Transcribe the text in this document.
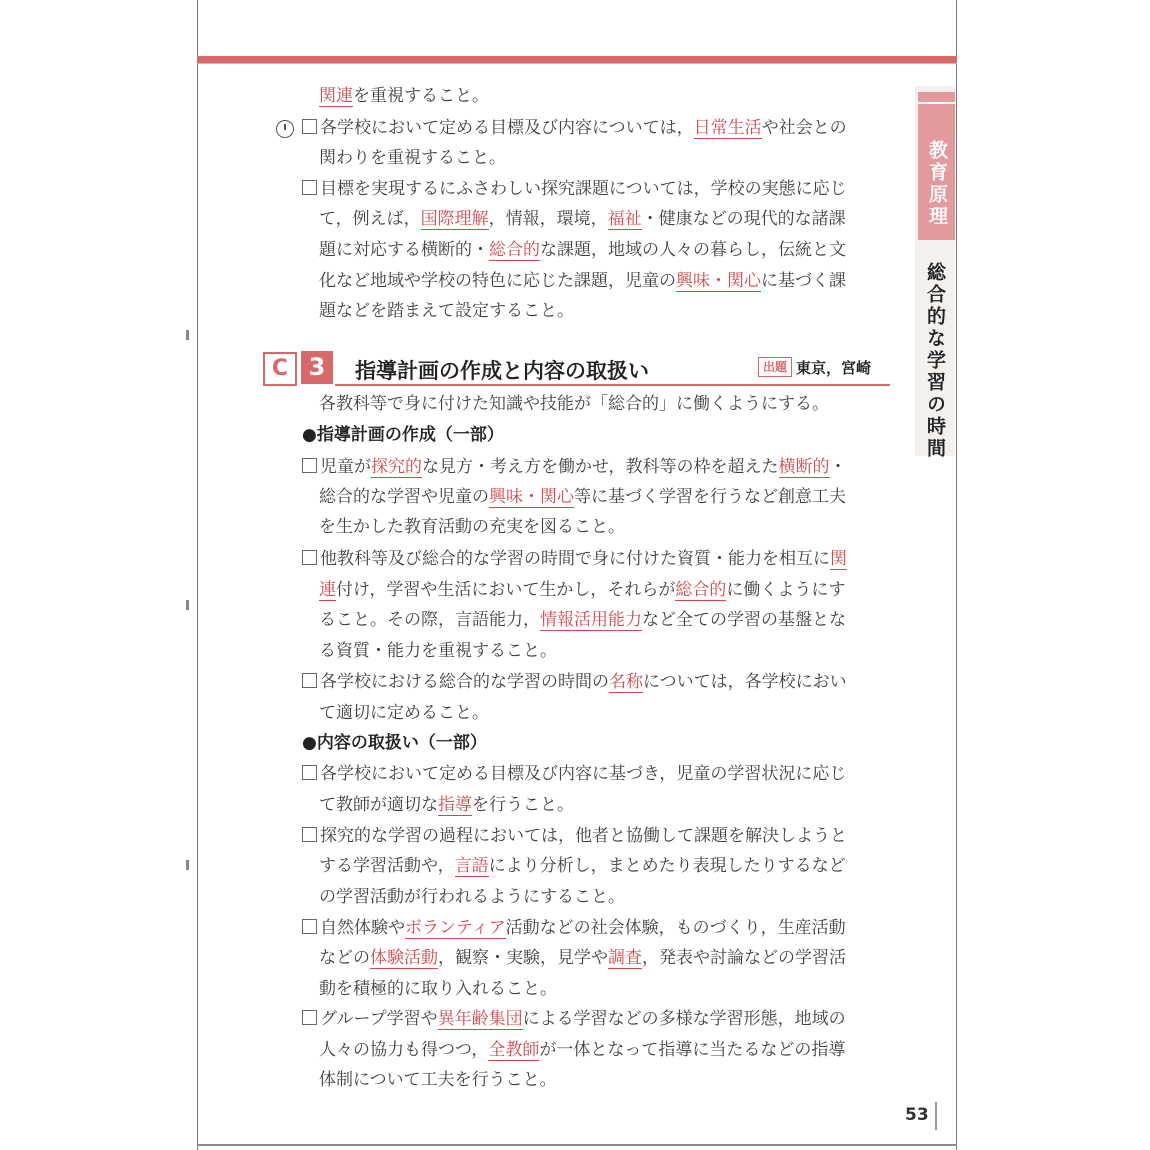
教育原理
総合的な学習の時間
C 3	指導計画の作成と内容の取扱い	出題 東京，宮崎
関連を重視すること。
各学校において定める目標及び内容については，日常生活や社会との
関わりを重視すること。
目標を実現するにふさわしい探究課題については，学校の実態に応じ
て，例えば，国際理解，情報，環境，福祉・健康などの現代的な諸課
題に対応する横断的・総合的な課題，地域の人々の暮らし，伝統と文
化など地域や学校の特色に応じた課題，児童の興味・関心に基づく課
題などを踏まえて設定すること。
各教科等で身に付けた知識や技能が「総合的」に働くようにする。
●指導計画の作成（一部）
児童が探究的な見方・考え方を働かせ，教科等の枠を超えた横断的・
総合的な学習や児童の興味・関心等に基づく学習を行うなど創意工夫
を生かした教育活動の充実を図ること。
他教科等及び総合的な学習の時間で身に付けた資質・能力を相互に関
連付け，学習や生活において生かし，それらが総合的に働くようにす
ること。その際，言語能力，情報活用能力など全ての学習の基盤とな
る資質・能力を重視すること。
各学校における総合的な学習の時間の名称については，各学校におい
て適切に定めること。
●内容の取扱い（一部）
各学校において定める目標及び内容に基づき，児童の学習状況に応じ
て教師が適切な指導を行うこと。
探究的な学習の過程においては，他者と協働して課題を解決しようと
する学習活動や，言語により分析し，まとめたり表現したりするなど
の学習活動が行われるようにすること。
自然体験やボランティア活動などの社会体験，ものづくり，生産活動
などの体験活動，観察・実験，見学や調査，発表や討論などの学習活
動を積極的に取り入れること。
グループ学習や異年齢集団による学習などの多様な学習形態，地域の
人々の協力も得つつ，全教師が一体となって指導に当たるなどの指導
体制について工夫を行うこと。
53
